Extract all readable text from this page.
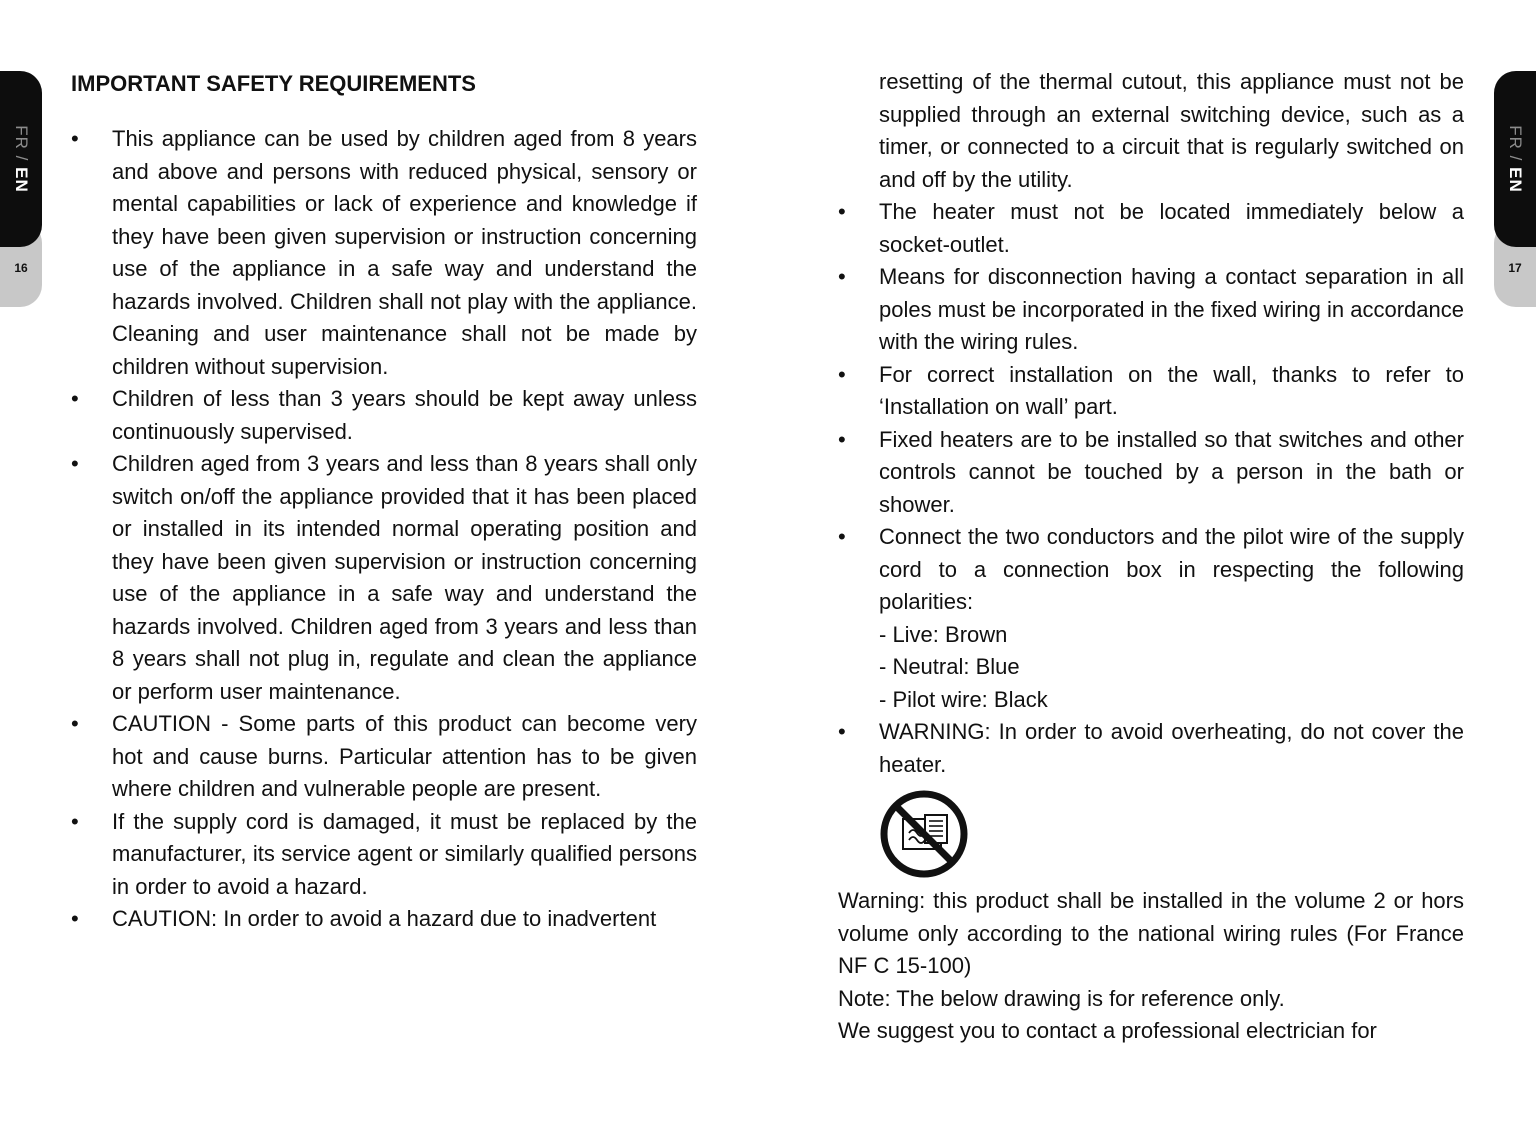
FR / EN
16
FR / EN
17
IMPORTANT SAFETY REQUIREMENTS
• This appliance can be used by children aged from 8 years and above and persons with reduced physical, sensory or mental capabilities or lack of experience and knowledge if they have been given supervision or instruction concerning use of the appliance in a safe way and understand the hazards involved. Children shall not play with the appliance. Cleaning and user maintenance shall not be made by children without supervision.
• Children of less than 3 years should be kept away unless continuously supervised.
• Children aged from 3 years and less than 8 years shall only switch on/off the appliance provided that it has been placed or installed in its intended normal operating position and they have been given supervision or instruction concerning use of the appliance in a safe way and understand the hazards involved. Children aged from 3 years and less than 8 years shall not plug in, regulate and clean the appliance or perform user maintenance.
• CAUTION - Some parts of this product can become very hot and cause burns. Particular attention has to be given where children and vulnerable people are present.
• If the supply cord is damaged, it must be replaced by the manufacturer, its service agent or similarly qualified persons in order to avoid a hazard.
• CAUTION: In order to avoid a hazard due to inadvertent
resetting of the thermal cutout, this appliance must not be supplied through an external switching device, such as a timer, or connected to a circuit that is regularly switched on and off by the utility.
• The heater must not be located immediately below a socket-outlet.
• Means for disconnection having a contact separation in all poles must be incorporated in the fixed wiring in accordance with the wiring rules.
• For correct installation on the wall, thanks to refer to ‘Installation on wall’ part.
• Fixed heaters are to be installed so that switches and other controls cannot be touched by a person in the bath or shower.
• Connect the two conductors and the pilot wire of the supply cord to a connection box in respecting the following polarities:
- Live: Brown
- Neutral: Blue
- Pilot wire: Black
• WARNING: In order to avoid overheating, do not cover the heater.

Warning: this product shall be installed in the volume 2 or hors volume only according to the national wiring rules (For France NF C 15-100)

Note: The below drawing is for reference only.

We suggest you to contact a professional electrician for
